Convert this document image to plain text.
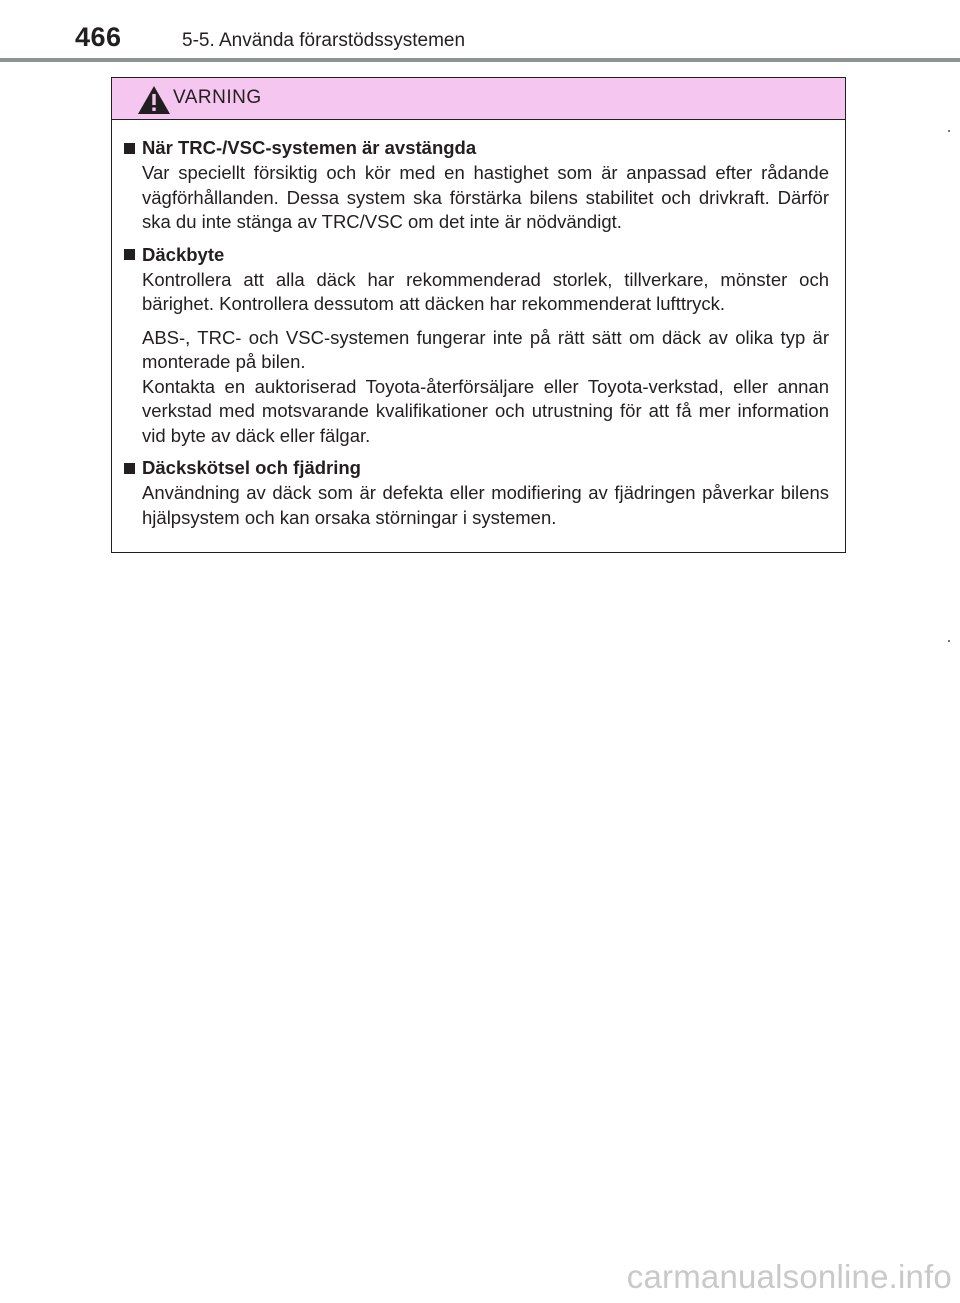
466	5-5. Använda förarstödssystemen
VARNING
När TRC-/VSC-systemen är avstängda

Var speciellt försiktig och kör med en hastighet som är anpassad efter rådande vägförhållanden. Dessa system ska förstärka bilens stabilitet och drivkraft. Därför ska du inte stänga av TRC/VSC om det inte är nödvändigt.

Däckbyte

Kontrollera att alla däck har rekommenderad storlek, tillverkare, mönster och bärighet. Kontrollera dessutom att däcken har rekommenderat lufttryck.

ABS-, TRC- och VSC-systemen fungerar inte på rätt sätt om däck av olika typ är monterade på bilen.

Kontakta en auktoriserad Toyota-återförsäljare eller Toyota-verkstad, eller annan verkstad med motsvarande kvalifikationer och utrustning för att få mer information vid byte av däck eller fälgar.

Däckskötsel och fjädring

Användning av däck som är defekta eller modifiering av fjädringen påverkar bilens hjälpsystem och kan orsaka störningar i systemen.

carmanualsonline.info
